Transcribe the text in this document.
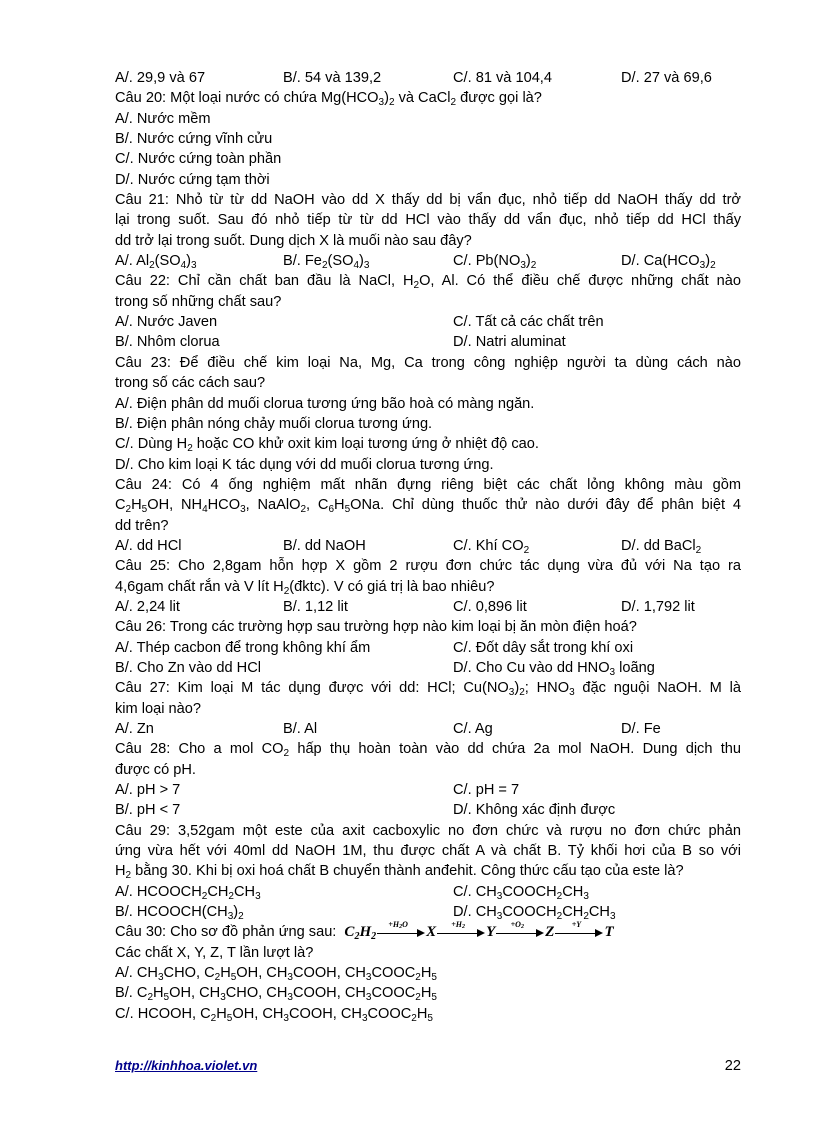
A/. 29,9 và 67	B/. 54 và 139,2	C/. 81 và 104,4	D/. 27 và 69,6
Câu 20: Một loại nước có chứa $Mg(HCO_3)_2$ và CaCl$_2$ được gọi là?
A/. Nước mềm
B/. Nước cứng vĩnh cửu
C/. Nước cứng toàn phần
D/. Nước cứng tạm thời
Câu 21: Nhỏ từ từ dd NaOH vào dd X thấy dd bị vẩn đục, nhỏ tiếp dd NaOH thấy dd trở
lại trong suốt. Sau đó nhỏ tiếp từ từ dd HCl vào thấy dd vẩn đục, nhỏ tiếp dd HCl thấy
dd trở lại trong suốt. Dung dịch X là muối nào sau đây?
A/. $Al_2(SO_4)_3$	B/. $Fe_2(SO_4)_3$	C/. $Pb(NO_3)_2$	D/. $Ca(HCO_3)_2$
Câu 22: Chỉ cần chất ban đầu là NaCl, $H_2O$, Al. Có thể điều chế được những chất nào
trong số những chất sau?
A/. Nước Javen	C/. Tất cả các chất trên
B/. Nhôm clorua	D/. Natri aluminat
Câu 23: Để điều chế kim loại Na, Mg, Ca trong công nghiệp người ta dùng cách nào
trong số các cách sau?
A/. Điện phân dd muối clorua tương ứng bão hoà có màng ngăn.
B/. Điện phân nóng chảy muối clorua tương ứng.
C/. Dùng $H_2$ hoặc CO khử oxit kim loại tương ứng ở nhiệt độ cao.
D/. Cho kim loại K tác dụng với dd muối clorua tương ứng.
Câu 24: Có 4 ống nghiệm mất nhãn đựng riêng biệt các chất lỏng không màu gồm
$C_2H_5OH$, $NH_4HCO_3$, NaAlO$_2$, $C_6H_5ONa$. Chỉ dùng thuốc thử nào dưới đây để phân biệt 4
dd trên?
A/. dd HCl	B/. dd NaOH	C/. Khí $CO_2$	D/. dd BaCl$_2$
Câu 25: Cho 2,8gam hỗn hợp X gồm 2 rượu đơn chức tác dụng vừa đủ với Na tạo ra
4,6gam chất rắn và V lít $H_2(đktc)$. V có giá trị là bao nhiêu?
A/. 2,24 lit	B/. 1,12 lit	C/. 0,896 lit	D/. 1,792 lit
Câu 26: Trong các trường hợp sau trường hợp nào kim loại bị ăn mòn điện hoá?
A/. Thép cacbon để trong không khí ẩm	C/. Đốt dây sắt trong khí oxi
B/. Cho Zn vào dd HCl	D/. Cho Cu vào dd $HNO_3$ loãng
Câu 27: Kim loại M tác dụng được với dd: HCl; $Cu(NO_3)_2$; $HNO_3$ đặc nguội NaOH. M là
kim loại nào?
A/. Zn	B/. Al	C/. Ag	D/. Fe
Câu 28: Cho a mol $CO_2$ hấp thụ hoàn toàn vào dd chứa 2a mol NaOH. Dung dịch thu
được có pH.
A/. pH > 7	C/. pH = 7
B/. pH < 7	D/. Không xác định được
Câu 29: 3,52gam một este của axit cacboxylic no đơn chức và rượu no đơn chức phản
ứng vừa hết với 40ml dd NaOH 1M, thu được chất A và chất B. Tỷ khối hơi của B so với
$H_2$ bằng 30. Khi bị oxi hoá chất B chuyển thành anđehit. Công thức cấu tạo của este là?
A/. $HCOOCH_2CH_2CH_3$	C/. $CH_3COOCH_2CH_3$
B/. $HCOOCH(CH_3)_2$	D/. $CH_3COOCH_2CH_2CH_3$
Câu 30: Cho sơ đồ phản ứng sau: $C_2H_2$
$+H_2O$	X	$+H_2$	Y	$+O_2$	Z	+Y	T
Các chất X, Y, Z, T lần lượt là?
A/. $CH_3CHO$, $C_2H_5OH$, $CH_3COOH$, $CH_3COOC_2H_5$
B/. $C_2H_5OH$, $CH_3CHO$, $CH_3COOH$, $CH_3COOC_2H_5$
C/. HCOOH, $C_2H_5OH$, $CH_3COOH$, $CH_3COOC_2H_5$
http://kinhhoa.violet.vn	22
